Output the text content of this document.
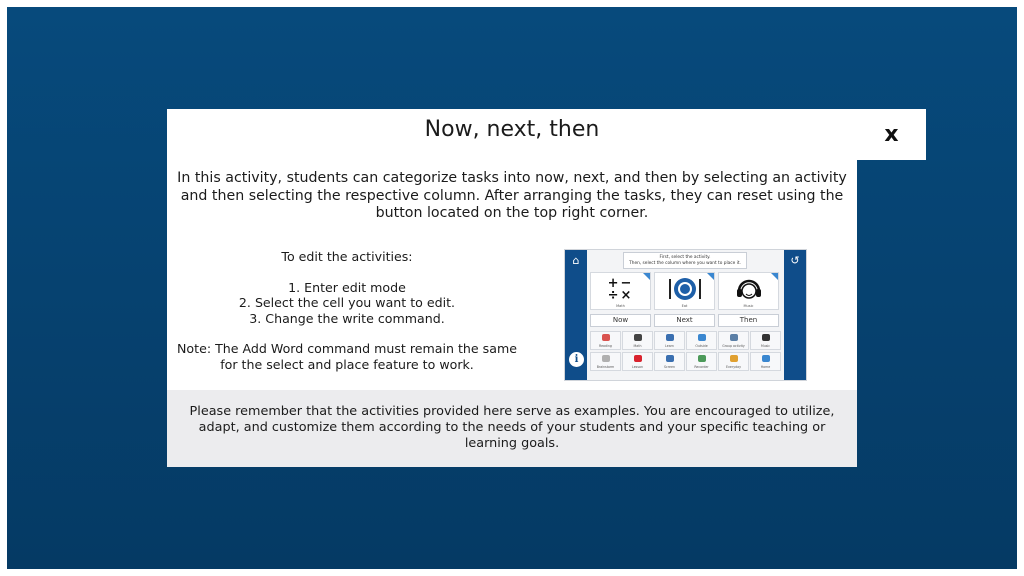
Now, next, then
In this activity, students can categorize tasks into now, next, and then by selecting an activity and then selecting the respective column. After arranging the tasks, they can reset using the button located on the top right corner.
To edit the activities:
1. Enter edit mode
2. Select the cell you want to edit.
3. Change the write command.
Note: The Add Word command must remain the same for the select and place feature to work.
⌂
i
↺
First, select the activity.
Then, select the column where you want to place it.
+−
÷×
Math	Eat	Music
Now	Next	Then
Reading	Math	Learn	Outside	Group activity	Music
Brainstorm	Lesson	Screen	Recorder	Everyday	Home
Please remember that the activities provided here serve as examples. You are encouraged to utilize, adapt, and customize them according to the needs of your students and your specific teaching or learning goals.
x
